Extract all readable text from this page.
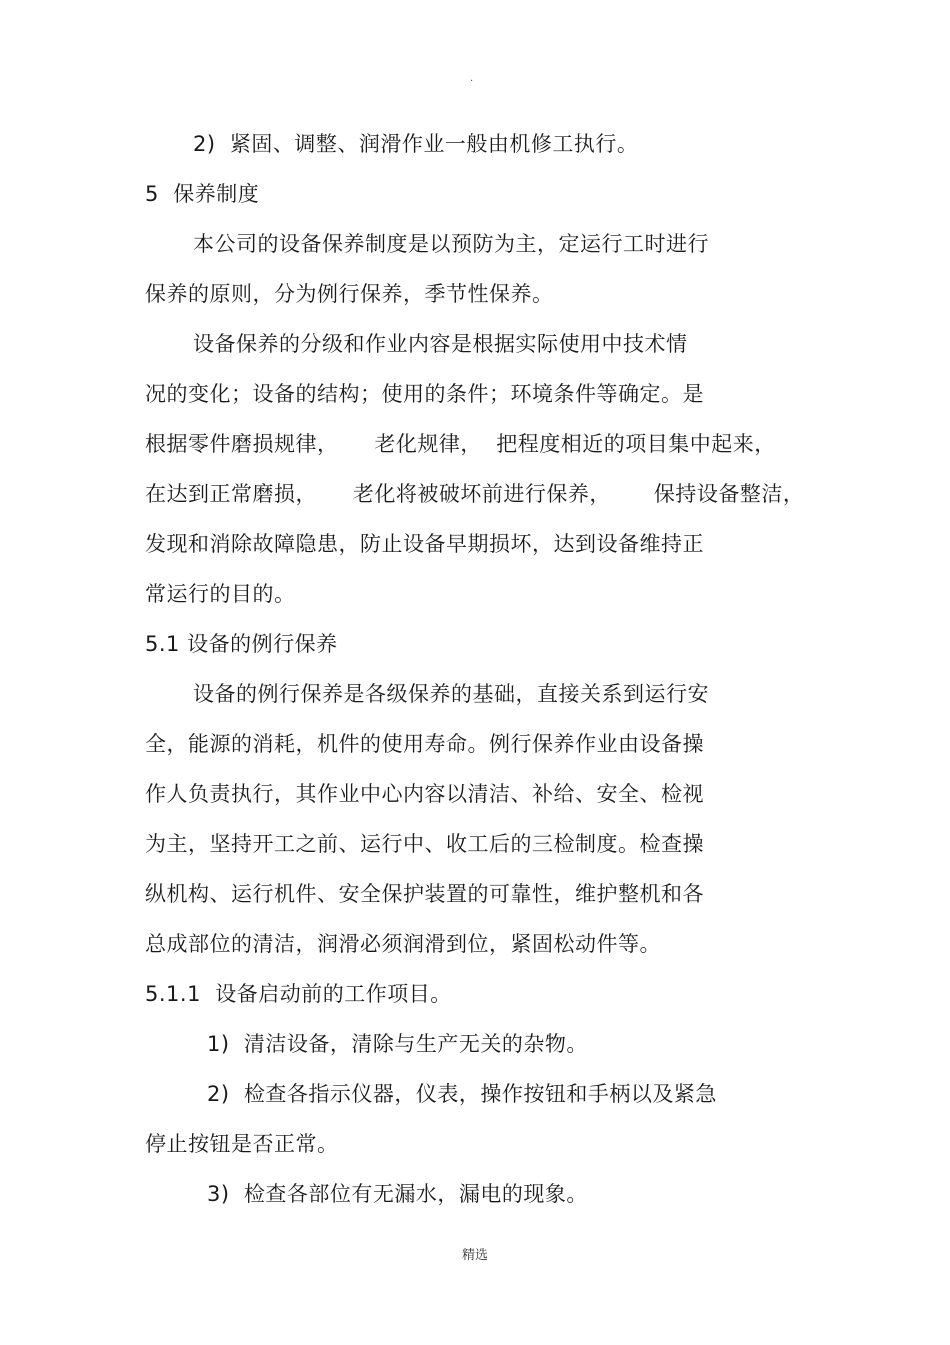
.
2)  紧固、调整、润滑作业一般由机修工执行。
5  保养制度
本公司的设备保养制度是以预防为主，定运行工时进行
保养的原则，分为例行保养，季节性保养。
设备保养的分级和作业内容是根据实际使用中技术情
况的变化；设备的结构；使用的条件；环境条件等确定。是
根据零件磨损规律，     老化规律，  把程度相近的项目集中起来，
在达到正常磨损，     老化将被破坏前进行保养，      保持设备整洁，
发现和消除故障隐患，防止设备早期损坏，达到设备维持正
常运行的目的。
5.1 设备的例行保养
设备的例行保养是各级保养的基础，直接关系到运行安
全，能源的消耗，机件的使用寿命。例行保养作业由设备操
作人负责执行，其作业中心内容以清洁、补给、安全、检视
为主，坚持开工之前、运行中、收工后的三检制度。检查操
纵机构、运行机件、安全保护装置的可靠性，维护整机和各
总成部位的清洁，润滑必须润滑到位，紧固松动件等。
5.1.1  设备启动前的工作项目。
1)  清洁设备，清除与生产无关的杂物。
2)  检查各指示仪器，仪表，操作按钮和手柄以及紧急
停止按钮是否正常。
3)  检查各部位有无漏水，漏电的现象。
精选
